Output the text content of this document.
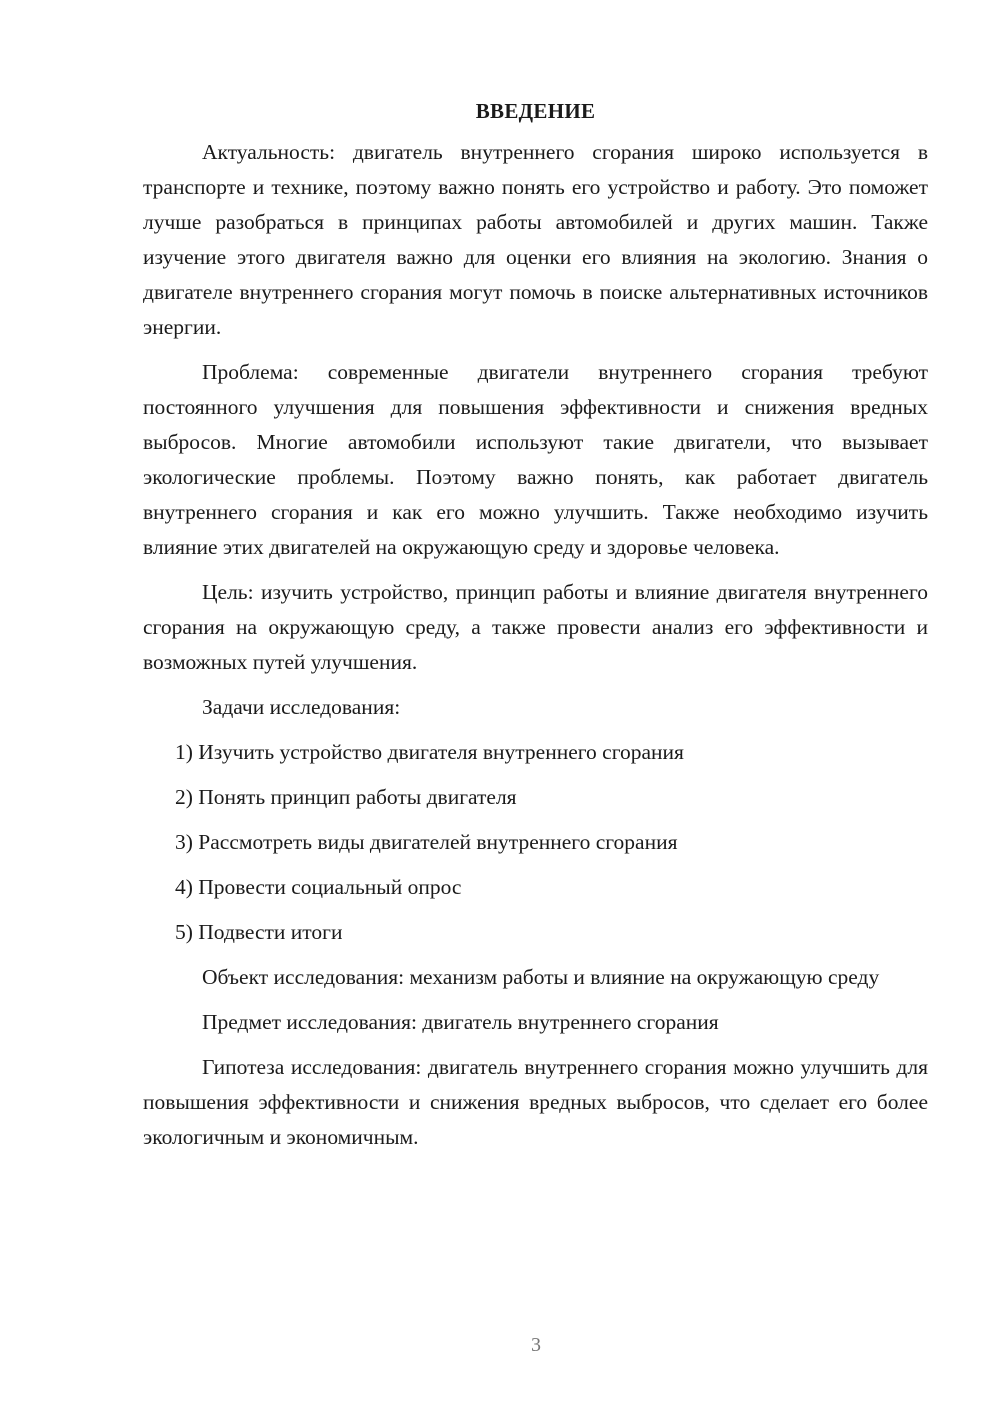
ВВЕДЕНИЕ

Актуальность: двигатель внутреннего сгорания широко используется в транспорте и технике, поэтому важно понять его устройство и работу. Это поможет лучше разобраться в принципах работы автомобилей и других машин. Также изучение этого двигателя важно для оценки его влияния на экологию. Знания о двигателе внутреннего сгорания могут помочь в поиске альтернативных источников энергии.

Проблема: современные двигатели внутреннего сгорания требуют постоянного улучшения для повышения эффективности и снижения вредных выбросов. Многие автомобили используют такие двигатели, что вызывает экологические проблемы. Поэтому важно понять, как работает двигатель внутреннего сгорания и как его можно улучшить. Также необходимо изучить влияние этих двигателей на окружающую среду и здоровье человека.

Цель: изучить устройство, принцип работы и влияние двигателя внутреннего сгорания на окружающую среду, а также провести анализ его эффективности и возможных путей улучшения.

Задачи исследования:

1) Изучить устройство двигателя внутреннего сгорания
2) Понять принцип работы двигателя
3) Рассмотреть виды двигателей внутреннего сгорания
4) Провести социальный опрос
5) Подвести итоги

Объект исследования: механизм работы и влияние на окружающую среду

Предмет исследования: двигатель внутреннего сгорания

Гипотеза исследования: двигатель внутреннего сгорания можно улучшить для повышения эффективности и снижения вредных выбросов, что сделает его более экологичным и экономичным.

3
